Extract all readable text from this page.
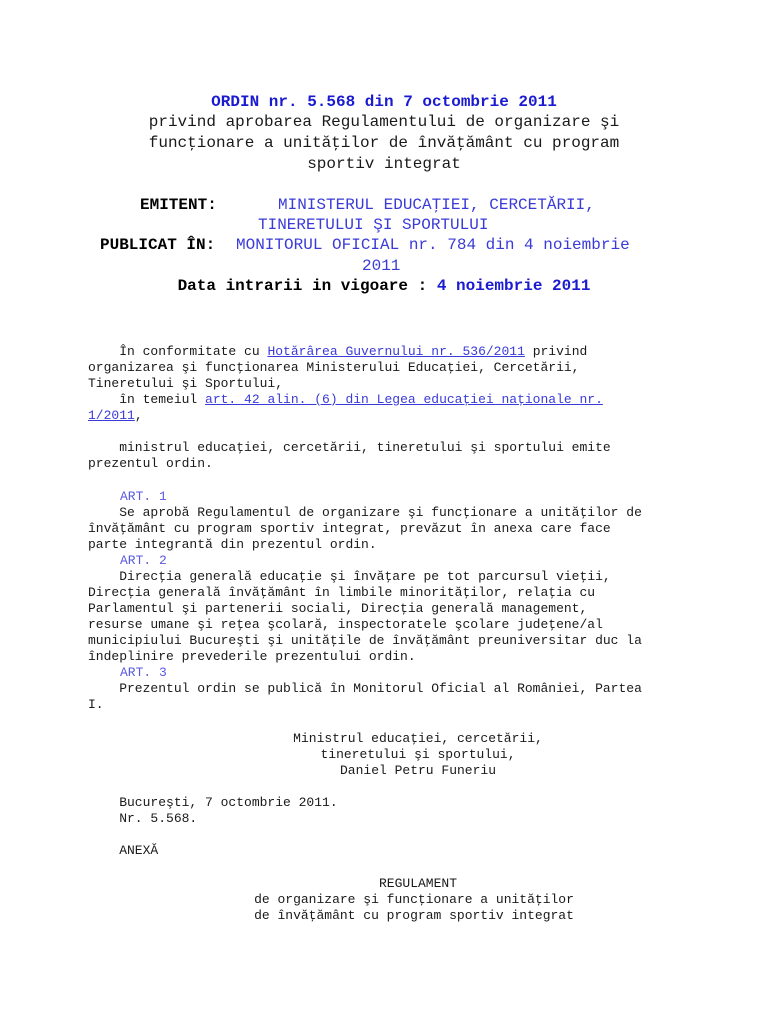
ORDIN nr. 5.568 din 7 octombrie 2011
privind aprobarea Regulamentului de organizare şi
funcţionare a unităţilor de învăţământ cu program
sportiv integrat
EMITENT:	MINISTERUL EDUCAŢIEI, CERCETĂRII,
TINERETULUI ŞI SPORTULUI
PUBLICAT ÎN: MONITORUL OFICIAL nr. 784 din 4 noiembrie
2011
Data intrarii in vigoare : 4 noiembrie 2011
În conformitate cu Hotărârea Guvernului nr. 536/2011 privind
organizarea şi funcţionarea Ministerului Educaţiei, Cercetării,
Tineretului şi Sportului,
în temeiul art. 42 alin. (6) din Legea educaţiei naţionale nr.
1/2011,
ministrul educaţiei, cercetării, tineretului şi sportului emite
prezentul ordin.
ART. 1
Se aprobă Regulamentul de organizare şi funcţionare a unităţilor de
învăţământ cu program sportiv integrat, prevăzut în anexa care face
parte integrantă din prezentul ordin.
ART. 2
Direcţia generală educaţie şi învăţare pe tot parcursul vieţii,
Direcţia generală învăţământ în limbile minorităţilor, relaţia cu
Parlamentul şi partenerii sociali, Direcţia generală management,
resurse umane şi reţea şcolară, inspectoratele şcolare judeţene/al
municipiului Bucureşti şi unităţile de învăţământ preuniversitar duc la
îndeplinire prevederile prezentului ordin.
ART. 3
Prezentul ordin se publică în Monitorul Oficial al României, Partea
I.
Ministrul educaţiei, cercetării,
tineretului şi sportului,
Daniel Petru Funeriu
Bucureşti, 7 octombrie 2011.
Nr. 5.568.
ANEXĂ
REGULAMENT
de organizare şi funcţionare a unităţilor
de învăţământ cu program sportiv integrat
